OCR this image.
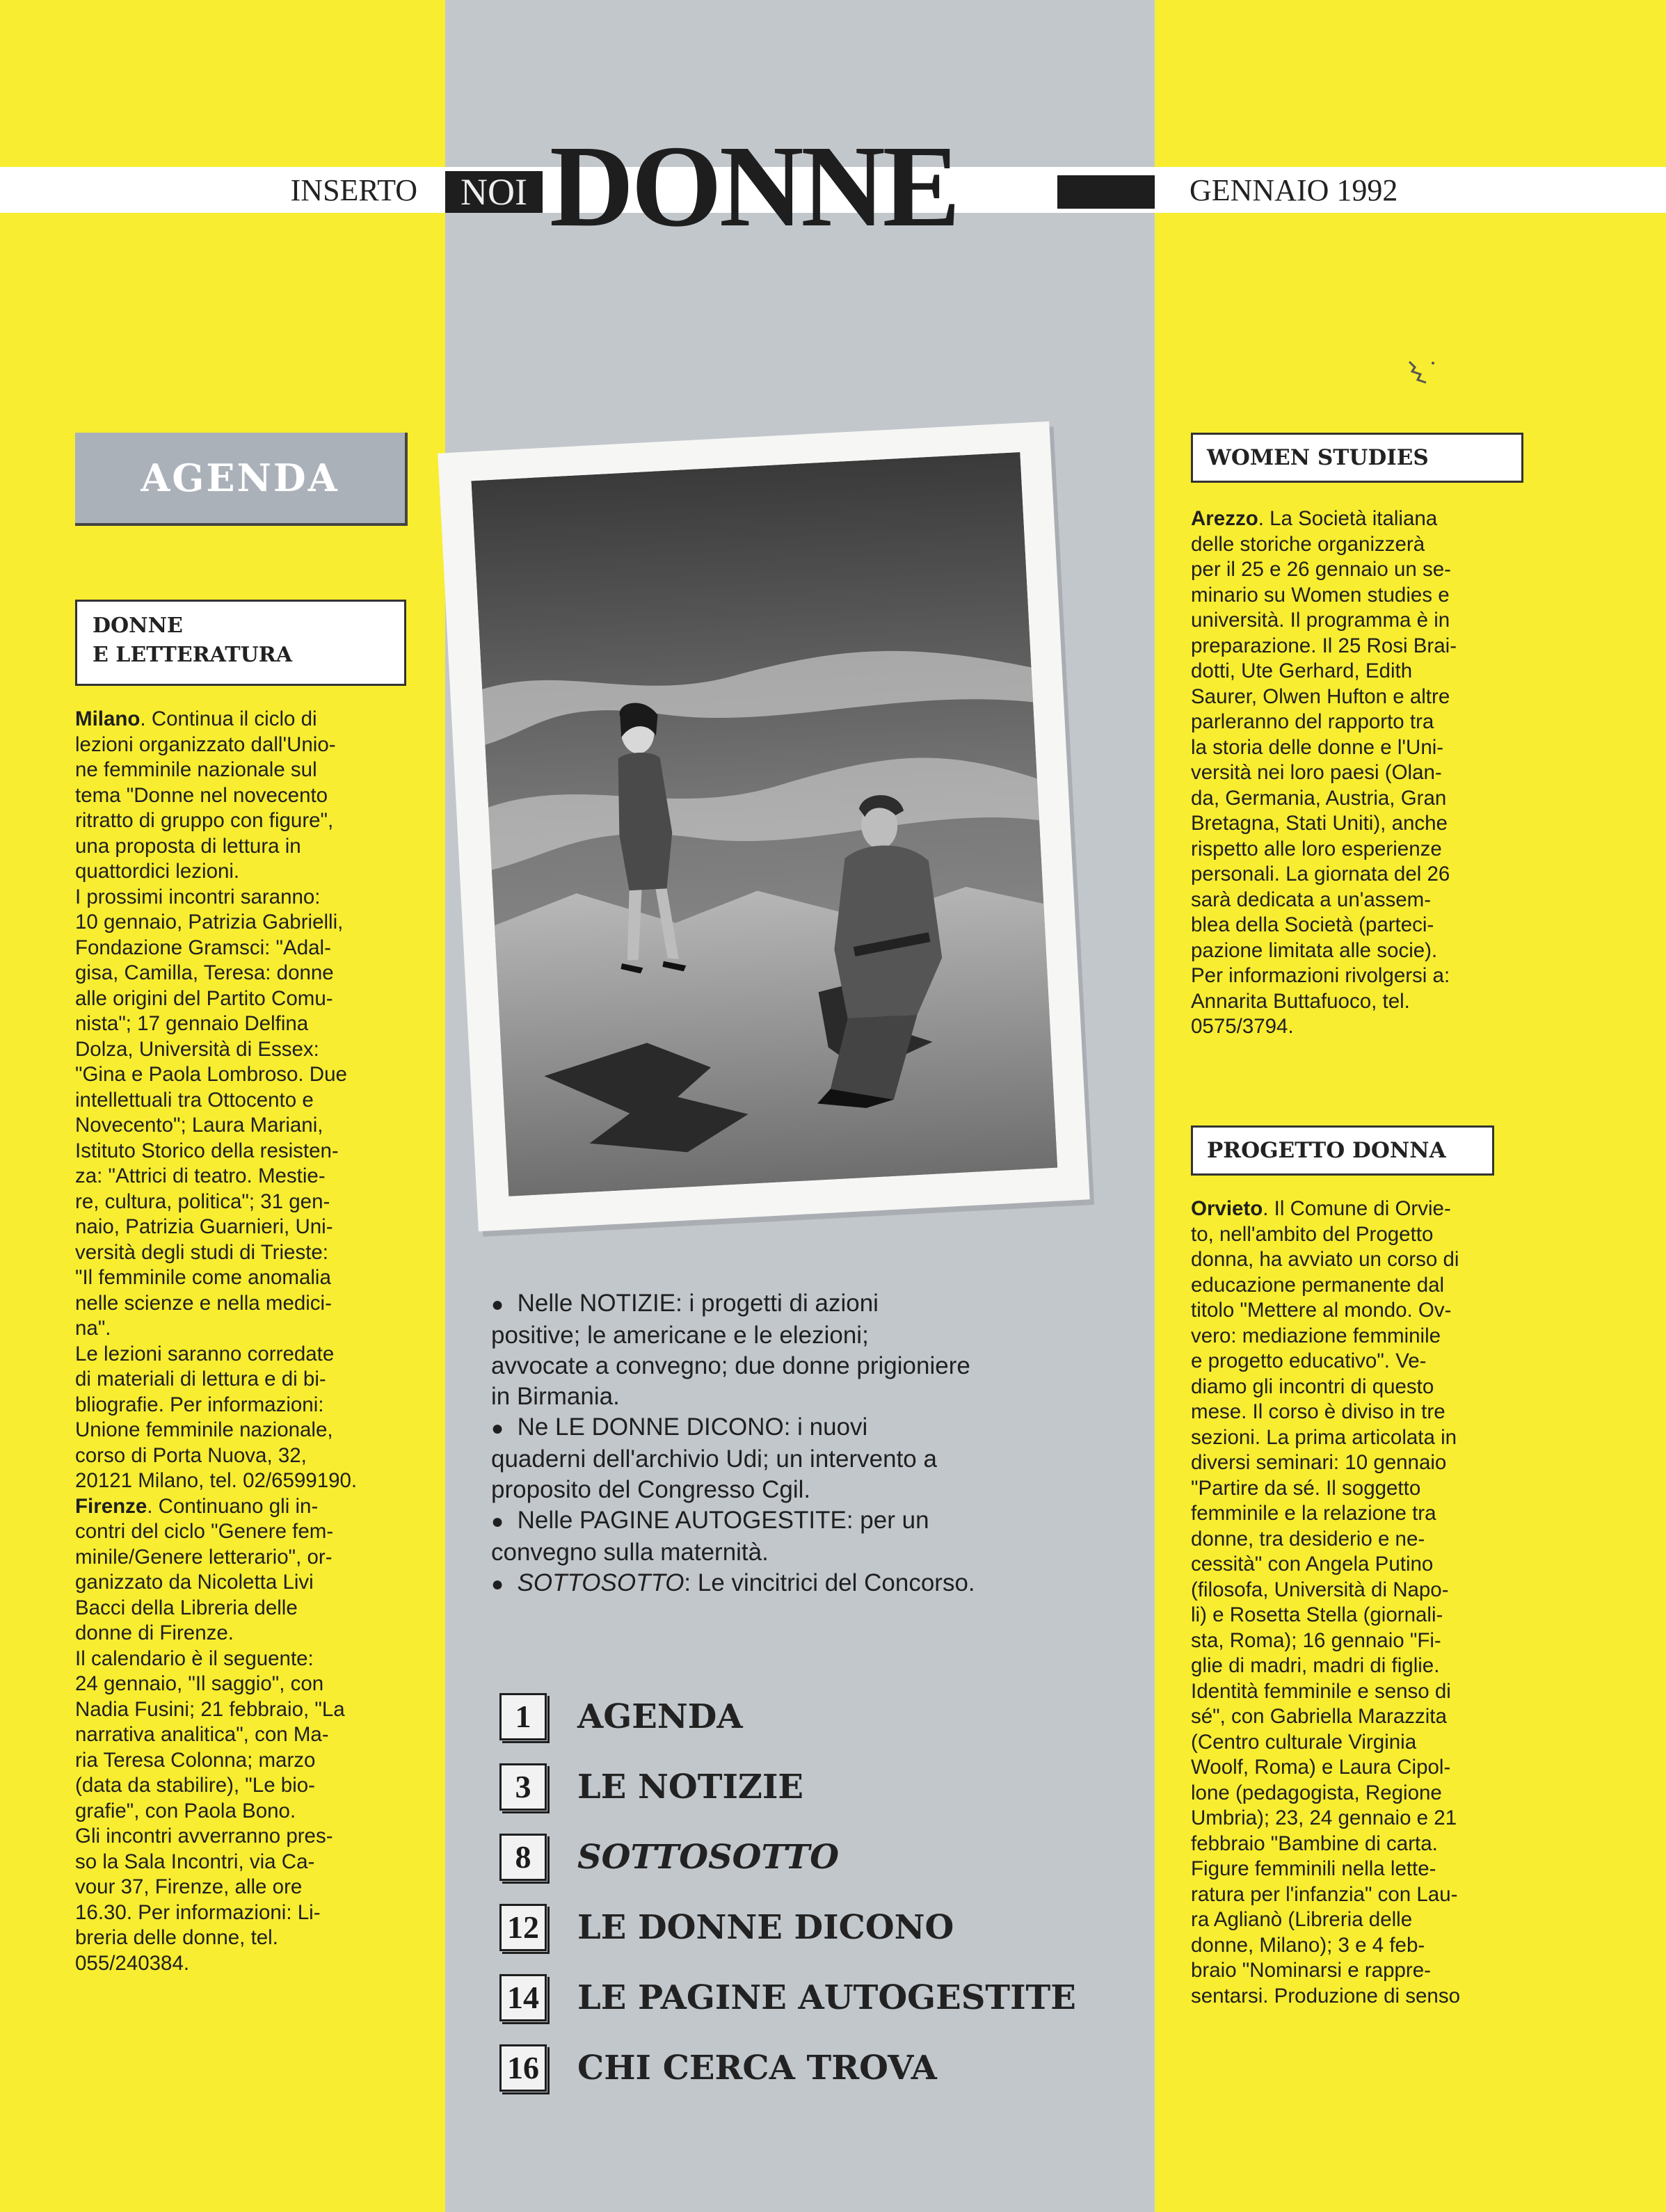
INSERTO	NOI DONNE	GENNAIO 1992
AGENDA
DONNE
E LETTERATURA
Milano. Continua il ciclo di
lezioni organizzato dall'Unio-
ne femminile nazionale sul
tema "Donne nel novecento
ritratto di gruppo con figure",
una proposta di lettura in
quattordici lezioni.
I prossimi incontri saranno:
10 gennaio, Patrizia Gabrielli,
Fondazione Gramsci: "Adal-
gisa, Camilla, Teresa: donne
alle origini del Partito Comu-
nista"; 17 gennaio Delfina
Dolza, Università di Essex:
"Gina e Paola Lombroso. Due
intellettuali tra Ottocento e
Novecento"; Laura Mariani,
Istituto Storico della resisten-
za: "Attrici di teatro. Mestie-
re, cultura, politica"; 31 gen-
naio, Patrizia Guarnieri, Uni-
versità degli studi di Trieste:
"Il femminile come anomalia
nelle scienze e nella medici-
na".
Le lezioni saranno corredate
di materiali di lettura e di bi-
bliografie. Per informazioni:
Unione femminile nazionale,
corso di Porta Nuova, 32,
20121 Milano, tel. 02/6599190.
Firenze. Continuano gli in-
contri del ciclo "Genere fem-
minile/Genere letterario", or-
ganizzato da Nicoletta Livi
Bacci della Libreria delle
donne di Firenze.
Il calendario è il seguente:
24 gennaio, "Il saggio", con
Nadia Fusini; 21 febbraio, "La
narrativa analitica", con Ma-
ria Teresa Colonna; marzo
(data da stabilire), "Le bio-
grafie", con Paola Bono.
Gli incontri avverranno pres-
so la Sala Incontri, via Ca-
vour 37, Firenze, alle ore
16.30. Per informazioni: Li-
breria delle donne, tel.
055/240384.
WOMEN STUDIES
Arezzo. La Società italiana
delle storiche organizzerà
per il 25 e 26 gennaio un se-
minario su Women studies e
università. Il programma è in
preparazione. Il 25 Rosi Brai-
dotti, Ute Gerhard, Edith
Saurer, Olwen Hufton e altre
parleranno del rapporto tra
la storia delle donne e l'Uni-
versità nei loro paesi (Olan-
da, Germania, Austria, Gran
Bretagna, Stati Uniti), anche
rispetto alle loro esperienze
personali. La giornata del 26
sarà dedicata a un'assem-
blea della Società (parteci-
pazione limitata alle socie).
Per informazioni rivolgersi a:
Annarita Buttafuoco, tel.
0575/3794.
PROGETTO DONNA
Orvieto. Il Comune di Orvie-
to, nell'ambito del Progetto
donna, ha avviato un corso di
educazione permanente dal
titolo "Mettere al mondo. Ov-
vero: mediazione femminile
e progetto educativo". Ve-
diamo gli incontri di questo
mese. Il corso è diviso in tre
sezioni. La prima articolata in
diversi seminari: 10 gennaio
"Partire da sé. Il soggetto
femminile e la relazione tra
donne, tra desiderio e ne-
cessità" con Angela Putino
(filosofa, Università di Napo-
li) e Rosetta Stella (giornali-
sta, Roma); 16 gennaio "Fi-
glie di madri, madri di figlie.
Identità femminile e senso di
sé", con Gabriella Marazzita
(Centro culturale Virginia
Woolf, Roma) e Laura Cipol-
lone (pedagogista, Regione
Umbria); 23, 24 gennaio e 21
febbraio "Bambine di carta.
Figure femminili nella lette-
ratura per l'infanzia" con Lau-
ra Aglianò (Libreria delle
donne, Milano); 3 e 4 feb-
braio "Nominarsi e rappre-
sentarsi. Produzione di senso
● Nelle NOTIZIE: i progetti di azioni
positive; le americane e le elezioni;
avvocate a convegno; due donne prigioniere
in Birmania.
● Ne LE DONNE DICONO: i nuovi
quaderni dell'archivio Udi; un intervento a
proposito del Congresso Cgil.
● Nelle PAGINE AUTOGESTITE: per un
convegno sulla maternità.
● SOTTOSOTTO: Le vincitrici del Concorso.
1	AGENDA
3	LE NOTIZIE
8	SOTTOSOTTO
12 LE DONNE DICONO
14 LE PAGINE AUTOGESTITE
16 CHI CERCA TROVA
